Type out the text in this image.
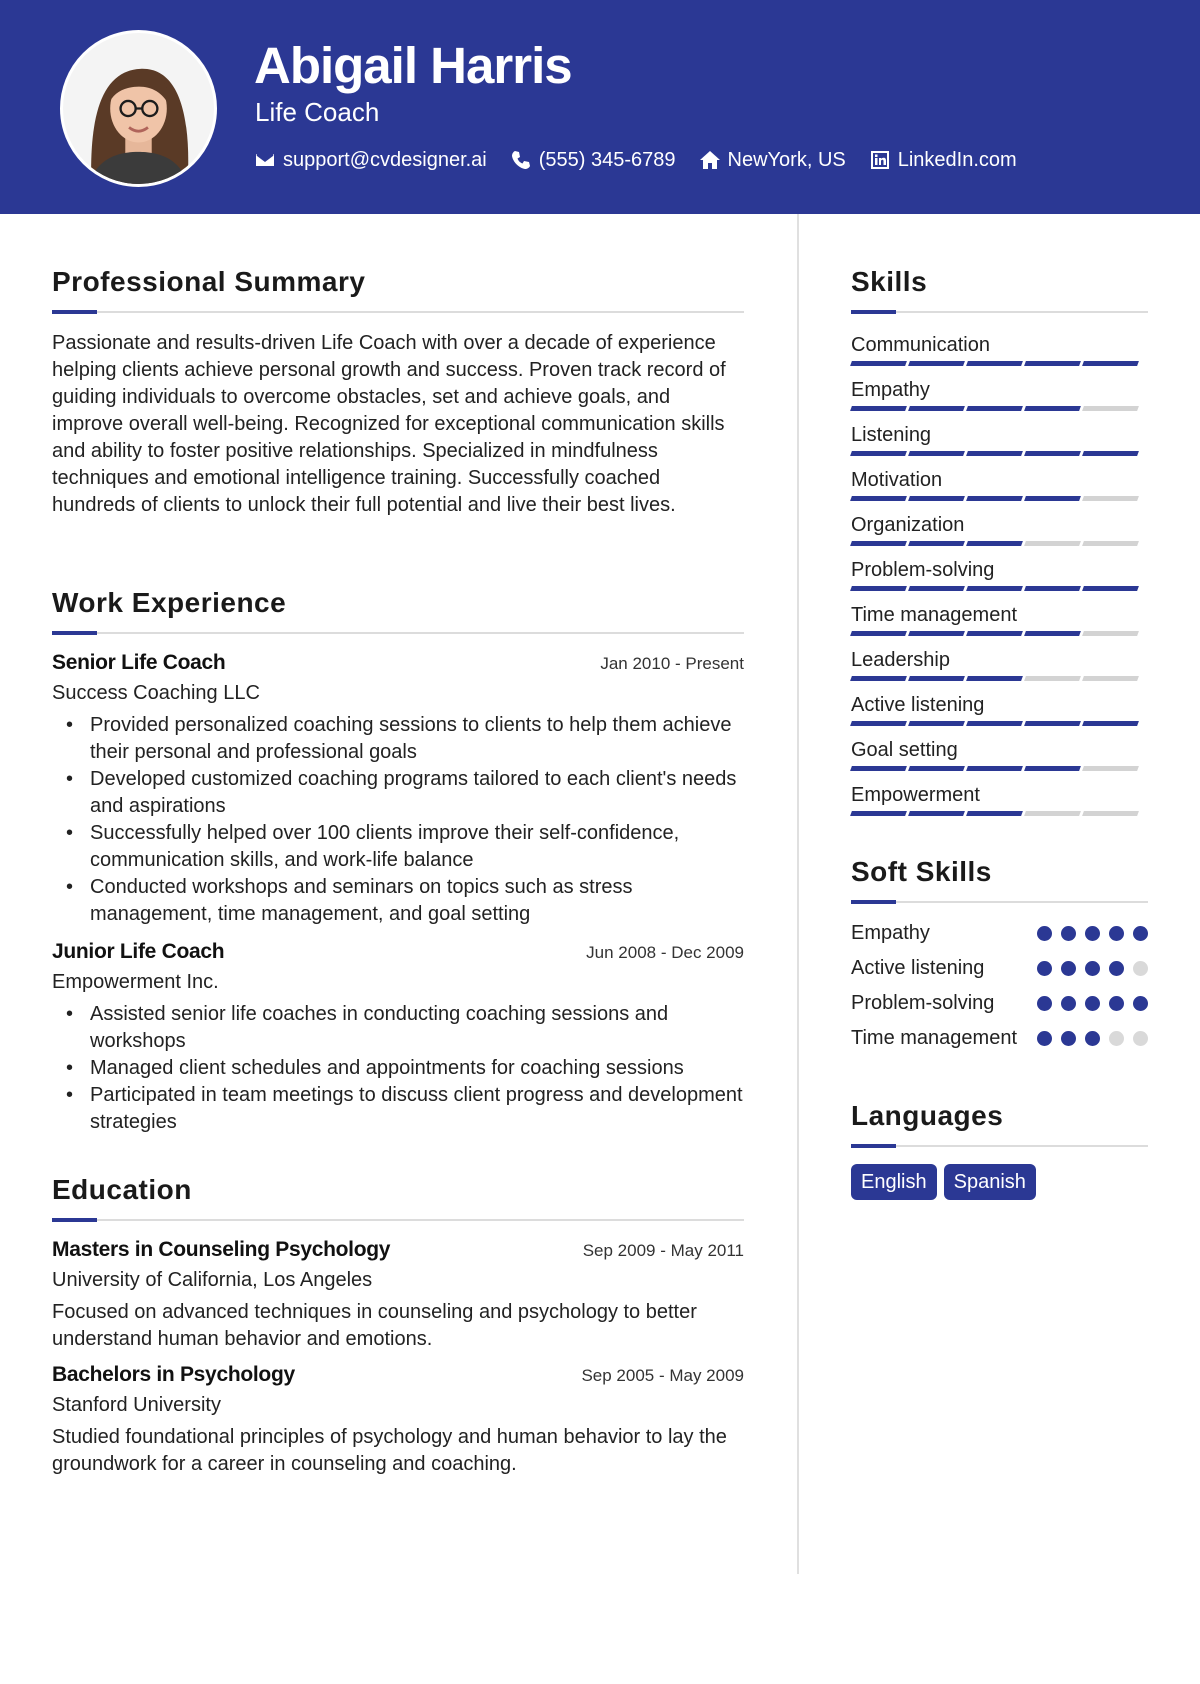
Abigail Harris
Life Coach
support@cvdesigner.ai	(555) 345-6789	NewYork, US	LinkedIn.com
Professional Summary

Passionate and results-driven Life Coach with over a decade of experience helping clients achieve personal growth and success. Proven track record of guiding individuals to overcome obstacles, set and achieve goals, and improve overall well-being. Recognized for exceptional communication skills and ability to foster positive relationships. Specialized in mindfulness techniques and emotional intelligence training. Successfully coached hundreds of clients to unlock their full potential and live their best lives.

Work Experience
Senior Life Coach	Jan 2010 - Present
Success Coaching LLC
• Provided personalized coaching sessions to clients to help them achieve their personal and professional goals
• Developed customized coaching programs tailored to each client's needs and aspirations
• Successfully helped over 100 clients improve their self-confidence, communication skills, and work-life balance
• Conducted workshops and seminars on topics such as stress management, time management, and goal setting
Junior Life Coach	Jun 2008 - Dec 2009
Empowerment Inc.
• Assisted senior life coaches in conducting coaching sessions and workshops
• Managed client schedules and appointments for coaching sessions
• Participated in team meetings to discuss client progress and development strategies
Education
Masters in Counseling Psychology	Sep 2009 - May 2011
University of California, Los Angeles

Focused on advanced techniques in counseling and psychology to better understand human behavior and emotions.

Bachelors in Psychology	Sep 2005 - May 2009
Stanford University

Studied foundational principles of psychology and human behavior to lay the groundwork for a career in counseling and coaching.

Skills
Communication
Empathy
Listening
Motivation
Organization
Problem-solving
Time management
Leadership
Active listening
Goal setting
Empowerment
Soft Skills
Empathy
Active listening
Problem-solving
Time management
Languages
English	Spanish
